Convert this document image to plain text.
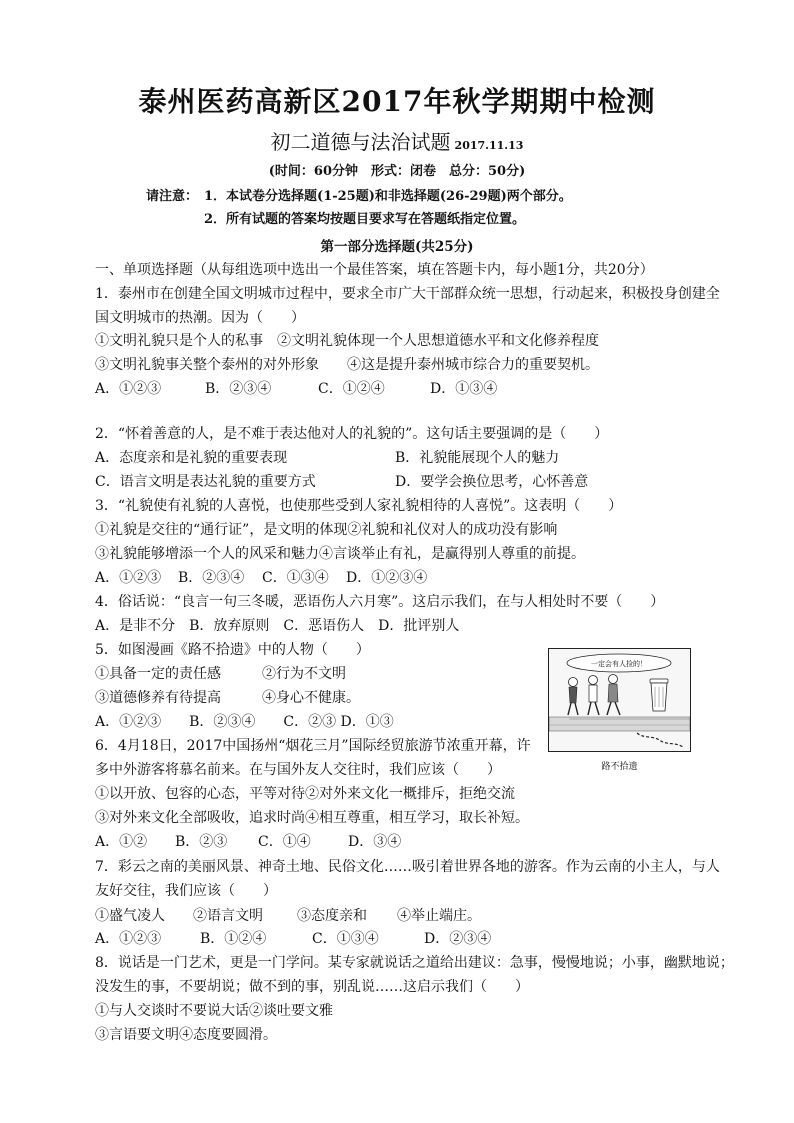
泰州医药高新区2017年秋学期期中检测
初二道德与法治试题 2017.11.13
(时间：60分钟　形式：闭卷　总分：50分)
请注意： 1．本试卷分选择题(1-25题)和非选择题(26-29题)两个部分。
2．所有试题的答案均按题目要求写在答题纸指定位置。
第一部分选择题(共25分)
一、单项选择题（从每组选项中选出一个最佳答案，填在答题卡内，每小题1分，共20分）
1．泰州市在创建全国文明城市过程中，要求全市广大干部群众统一思想，行动起来，积极投身创建全
国文明城市的热潮。因为（　　）
①文明礼貌只是个人的私事　②文明礼貌体现一个人思想道德水平和文化修养程度
③文明礼貌事关整个泰州的对外形象　　④这是提升泰州城市综合力的重要契机。
A．①②③	B．②③④	C．①②④	D．①③④
2．“怀着善意的人，是不难于表达他对人的礼貌的”。这句话主要强调的是（　　）
A．态度亲和是礼貌的重要表现	B．礼貌能展现个人的魅力
C．语言文明是表达礼貌的重要方式	D．要学会换位思考，心怀善意
3．“礼貌使有礼貌的人喜悦，也使那些受到人家礼貌相待的人喜悦”。这表明（　　）
①礼貌是交往的“通行证”，是文明的体现②礼貌和礼仪对人的成功没有影响
③礼貌能够增添一个人的风采和魅力④言谈举止有礼，是赢得别人尊重的前提。
A．①②③ B．②③④ C．①③④ D．①②③④
4．俗话说：“良言一句三冬暖，恶语伤人六月寒”。这启示我们，在与人相处时不要（　　）
A．是非不分　B．放弃原则　C．恶语伤人　D．批评别人
5．如图漫画《路不拾遗》中的人物（　　）
①具备一定的责任感	②行为不文明
③道德修养有待提高	④身心不健康。
A．①②③　　B．②③④　　C．②③ D．①③
一定会有人捡的！
路不拾遗
6．4月18日，2017中国扬州“烟花三月”国际经贸旅游节浓重开幕，许
多中外游客将慕名前来。在与国外友人交往时，我们应该（　　）
①以开放、包容的心态，平等对待②对外来文化一概排斥，拒绝交流
③对外来文化全部吸收，追求时尚④相互尊重，相互学习，取长补短。
A．①② B．②③ C．①④	D．③④
7．彩云之南的美丽风景、神奇土地、民俗文化……吸引着世界各地的游客。作为云南的小主人，与人
友好交往，我们应该（　　）
①盛气凌人 ②语言文明 ③态度亲和 ④举止端庄。
A．①②③	B．①②④	C．①③④	D．②③④
8．说话是一门艺术，更是一门学问。某专家就说话之道给出建议：急事，慢慢地说；小事，幽默地说；
没发生的事，不要胡说；做不到的事，别乱说……这启示我们（　　）
①与人交谈时不要说大话②谈吐要文雅
③言语要文明④态度要圆滑。
